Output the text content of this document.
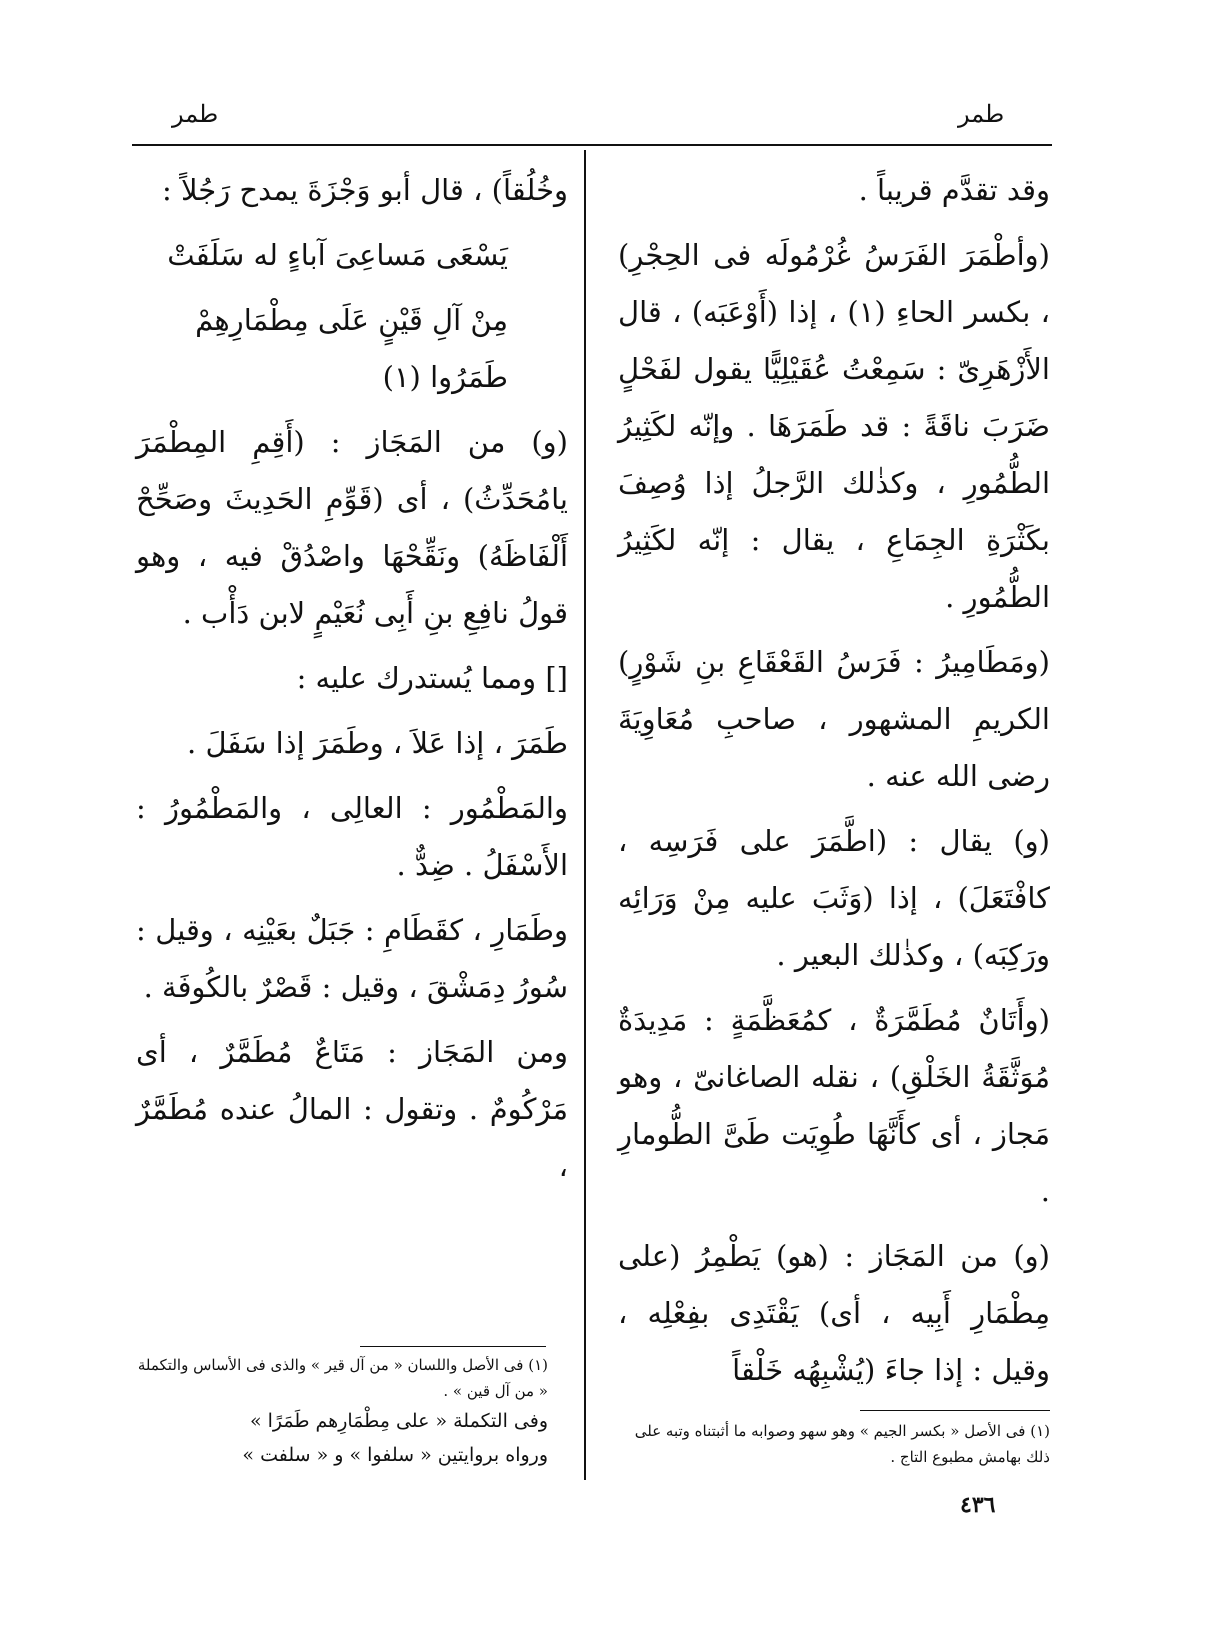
طمر
طمر

وقد تقدَّم قريباً .

(وأطْمَرَ الفَرَسُ غُرْمُولَه فى الحِجْرِ) ، بكسر الحاءِ (١) ، إذا (أَوْعَبَه) ، قال الأَزْهَرِىّ : سَمِعْتُ عُقَيْلِيًّا يقول لفَحْلٍ ضَرَبَ ناقَةً : قد طَمَرَهَا . وإنّه لكَثِيرُ الطُّمُورِ ، وكذٰلك الرَّجلُ إذا وُصِفَ بكَثْرَةِ الجِمَاعِ ، يقال : إنّه لكَثِيرُ الطُّمُورِ .

(ومَطَامِيرُ : فَرَسُ القَعْقَاعِ بنِ شَوْرٍ) الكريمِ المشهور ، صاحبِ مُعَاوِيَةَ رضى الله عنه .

(و) يقال : (اطَّمَرَ على فَرَسِه ، كافْتَعَلَ) ، إذا (وَثَبَ عليه مِنْ وَرَائِه ورَكِبَه) ، وكذٰلك البعير .

(وأَتَانٌ مُطَمَّرَةٌ ، كمُعَظَّمَةٍ : مَدِيدَةٌ مُوَثَّقَةُ الخَلْقِ) ، نقله الصاغانىّ ، وهو مَجاز ، أى كأَنَّهَا طُوِيَت طَىَّ الطُّومارِ .

(و) من المَجَاز : (هو) يَطْمِرُ (على مِطْمَارِ أَبِيه ، أى) يَقْتَدِى بفِعْلِه ، وقيل : إذا جاءَ (يُشْبِهُه خَلْقاً

وخُلُقاً) ، قال أبو وَجْزَةَ يمدح رَجُلاً :

يَسْعَى مَساعِىَ آباءٍ له سَلَفَتْ

مِنْ آلِ قَيْنٍ عَلَى مِطْمَارِهِمْ طَمَرُوا (١)

(و) من المَجَاز : (أَقِمِ المِطْمَرَ يامُحَدِّثُ) ، أى (قَوِّمِ الحَدِيثَ وصَحِّحْ أَلْفَاظَهُ) ونَقِّحْهَا واصْدُقْ فيه ، وهو قولُ نافِعِ بنِ أَبِى نُعَيْمٍ لابن دَأْب .

[] ومما يُستدرك عليه :

طَمَرَ ، إذا عَلاَ ، وطَمَرَ إذا سَفَلَ .

والمَطْمُور : العالِى ، والمَطْمُورُ : الأَسْفَلُ . ضِدٌّ .

وطَمَارِ ، كقَطَامِ : جَبَلٌ بعَيْنِه ، وقيل : سُورُ دِمَشْقَ ، وقيل : قَصْرٌ بالكُوفَة .

ومن المَجَاز : مَتَاعٌ مُطَمَّرٌ ، أى مَرْكُومٌ . وتقول : المالُ عنده مُطَمَّرٌ ،

(١) فى الأصل واللسان « من آل قير » والذى فى الأساس والتكملة « من آل قين » .
وفى التكملة « على مِطْمَارِهم طَمَرًا »
ورواه بروايتين « سلفوا » و « سلفت »
(١) فى الأصل « بكسر الجيم » وهو سهو وصوابه ما أثبتناه وتبه على ذلك بهامش مطبوع التاج .
٤٣٦
